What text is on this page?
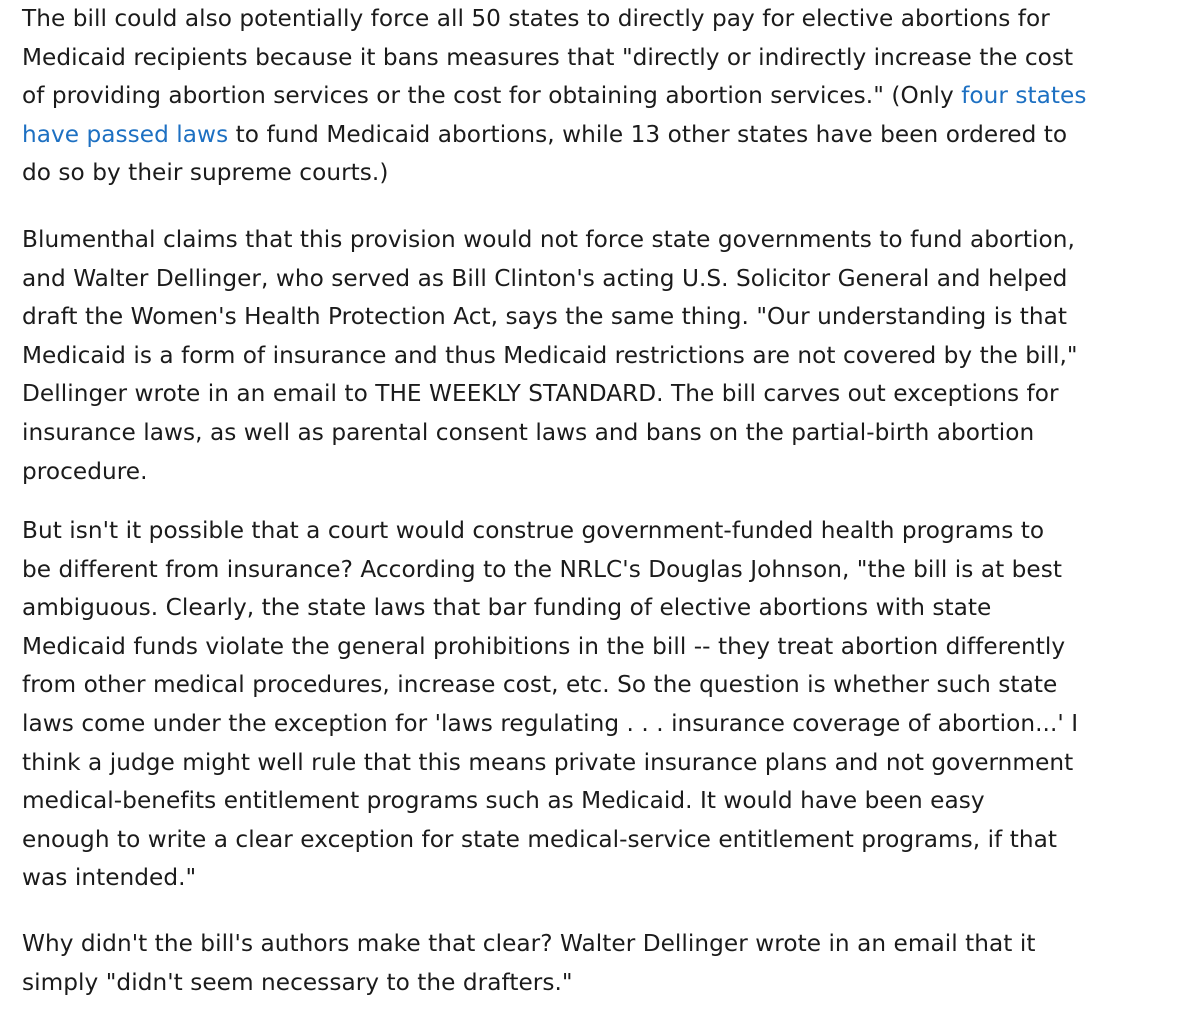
The bill could also potentially force all 50 states to directly pay for elective abortions for
Medicaid recipients because it bans measures that "directly or indirectly increase the cost
of providing abortion services or the cost for obtaining abortion services." (Only four states
have passed laws to fund Medicaid abortions, while 13 other states have been ordered to
do so by their supreme courts.)

Blumenthal claims that this provision would not force state governments to fund abortion,
and Walter Dellinger, who served as Bill Clinton's acting U.S. Solicitor General and helped
draft the Women's Health Protection Act, says the same thing. "Our understanding is that
Medicaid is a form of insurance and thus Medicaid restrictions are not covered by the bill,"
Dellinger wrote in an email to THE WEEKLY STANDARD. The bill carves out exceptions for
insurance laws, as well as parental consent laws and bans on the partial-birth abortion
procedure.

But isn't it possible that a court would construe government-funded health programs to
be different from insurance? According to the NRLC's Douglas Johnson, "the bill is at best
ambiguous. Clearly, the state laws that bar funding of elective abortions with state
Medicaid funds violate the general prohibitions in the bill -- they treat abortion differently
from other medical procedures, increase cost, etc. So the question is whether such state
laws come under the exception for 'laws regulating . . . insurance coverage of abortion...' I
think a judge might well rule that this means private insurance plans and not government
medical-benefits entitlement programs such as Medicaid. It would have been easy
enough to write a clear exception for state medical-service entitlement programs, if that
was intended."

Why didn't the bill's authors make that clear? Walter Dellinger wrote in an email that it
simply "didn't seem necessary to the drafters."
